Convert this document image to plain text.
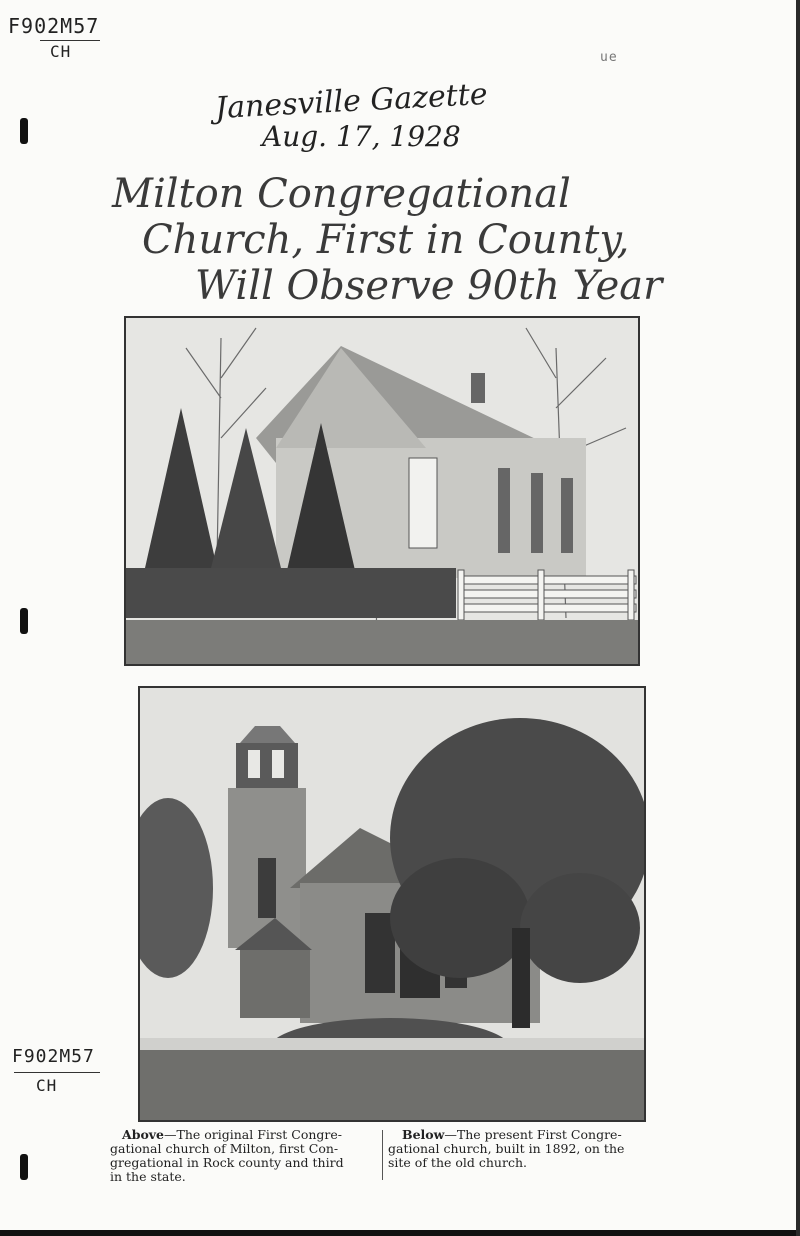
F902M57
CH	ue
Janesville Gazette
Aug. 17, 1928
Milton Congregational
Church, First in County,
Will Observe 90th Year
F902M57
CH
Above—The original First Congre-
gational church of Milton, first Con-
gregational in Rock county and third
in the state.
Below—The present First Congre-
gational church, built in 1892, on the
site of the old church.
